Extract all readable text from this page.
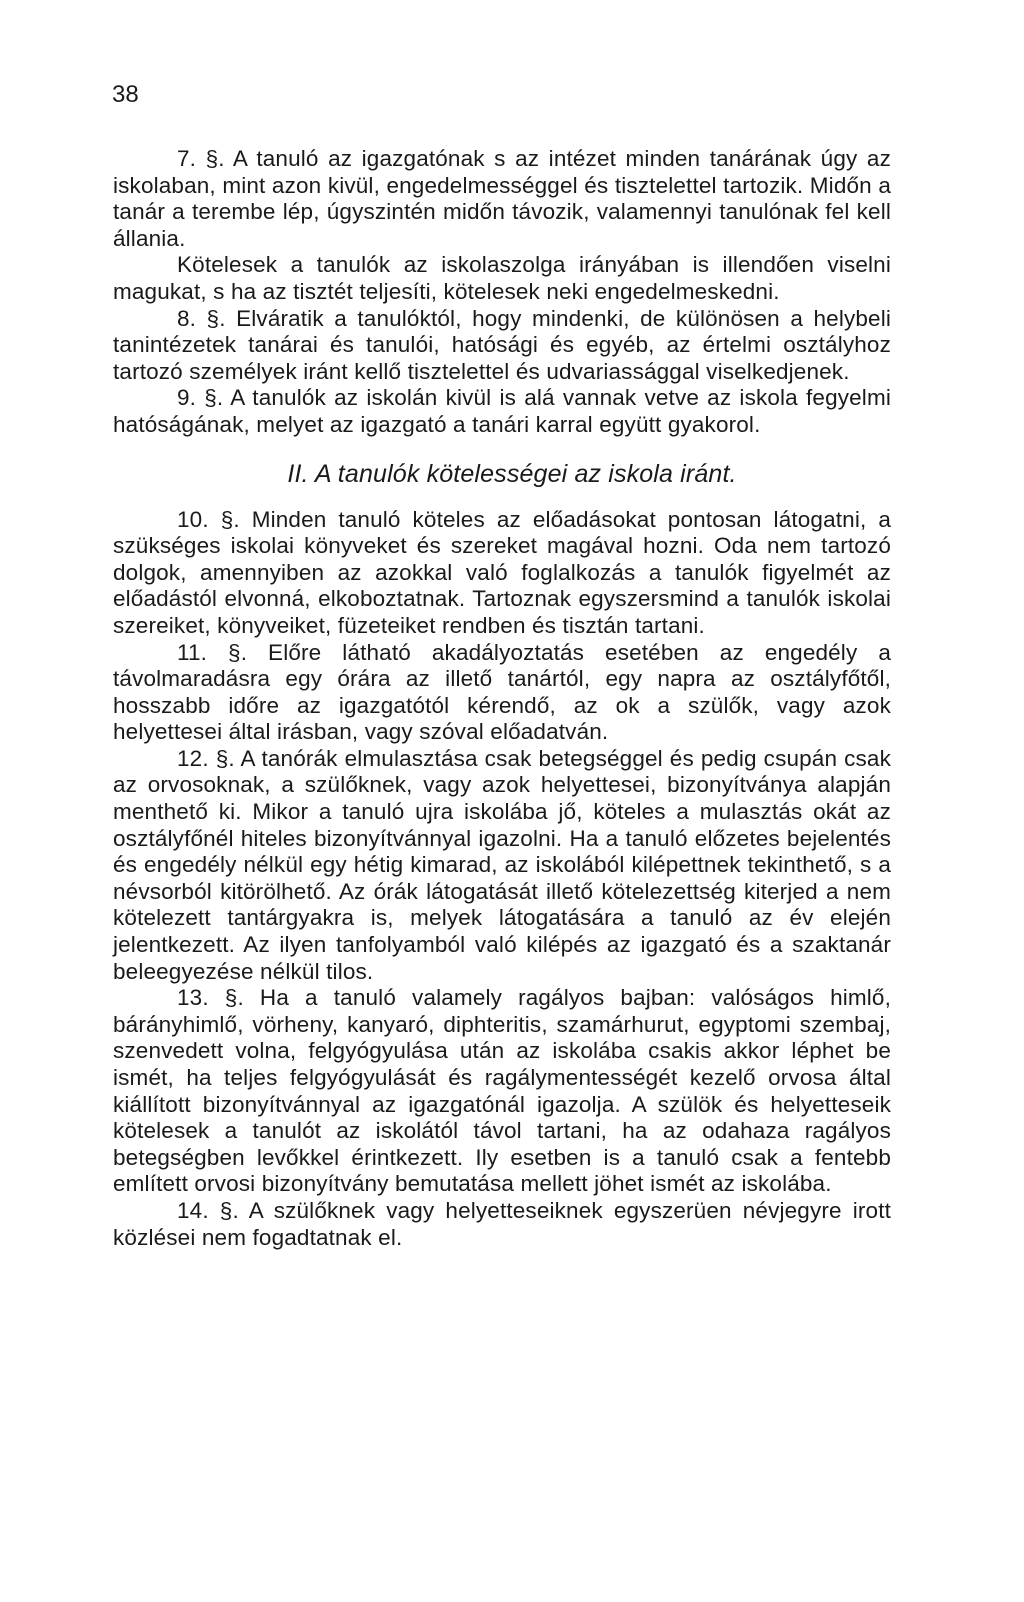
38

7. §. A tanuló az igazgatónak s az intézet minden tanárának úgy az iskolaban, mint azon kivül, engedelmességgel és tisztelettel tartozik. Midőn a tanár a terembe lép, úgyszintén midőn távozik, valamennyi tanulónak fel kell állania.

Kötelesek a tanulók az iskolaszolga irányában is illendően viselni magukat, s ha az tisztét teljesíti, kötelesek neki engedelmeskedni.

8. §. Elváratik a tanulóktól, hogy mindenki, de különösen a helybeli tanintézetek tanárai és tanulói, hatósági és egyéb, az értelmi osztályhoz tartozó személyek iránt kellő tisztelettel és udvariassággal viselkedjenek.

9. §. A tanulók az iskolán kivül is alá vannak vetve az iskola fegyelmi hatóságának, melyet az igazgató a tanári karral együtt gyakorol.

II. A tanulók kötelességei az iskola iránt.

10. §. Minden tanuló köteles az előadásokat pontosan látogatni, a szükséges iskolai könyveket és szereket magával hozni. Oda nem tartozó dolgok, amennyiben az azokkal való foglalkozás a tanulók figyelmét az előadástól elvonná, elkoboztatnak. Tartoznak egyszersmind a tanulók iskolai szereiket, könyveiket, füzeteiket rendben és tisztán tartani.

11. §. Előre látható akadályoztatás esetében az engedély a távolmaradásra egy órára az illető tanártól, egy napra az osztályfőtől, hosszabb időre az igazgatótól kérendő, az ok a szülők, vagy azok helyettesei által irásban, vagy szóval előadatván.

12. §. A tanórák elmulasztása csak betegséggel és pedig csupán csak az orvosoknak, a szülőknek, vagy azok helyettesei, bizonyítványa alapján menthető ki. Mikor a tanuló ujra iskolába jő, köteles a mulasztás okát az osztályfőnél hiteles bizonyítvánnyal igazolni. Ha a tanuló előzetes bejelentés és engedély nélkül egy hétig kimarad, az iskolából kilépettnek tekinthető, s a névsorból kitörölhető. Az órák látogatását illető kötelezettség kiterjed a nem kötelezett tantárgyakra is, melyek látogatására a tanuló az év elején jelentkezett. Az ilyen tanfolyamból való kilépés az igazgató és a szaktanár beleegyezése nélkül tilos.

13. §. Ha a tanuló valamely ragályos bajban: valóságos himlő, bárányhimlő, vörheny, kanyaró, diphteritis, szamárhurut, egyptomi szembaj, szenvedett volna, felgyógyulása után az iskolába csakis akkor léphet be ismét, ha teljes felgyógyulását és ragálymentességét kezelő orvosa által kiállított bizonyítvánnyal az igazgatónál igazolja. A szülök és helyetteseik kötelesek a tanulót az iskolától távol tartani, ha az odahaza ragályos betegségben levőkkel érintkezett. Ily esetben is a tanuló csak a fentebb említett orvosi bizonyítvány bemutatása mellett jöhet ismét az iskolába.

14. §. A szülőknek vagy helyetteseiknek egyszerüen névjegyre irott közlései nem fogadtatnak el.
